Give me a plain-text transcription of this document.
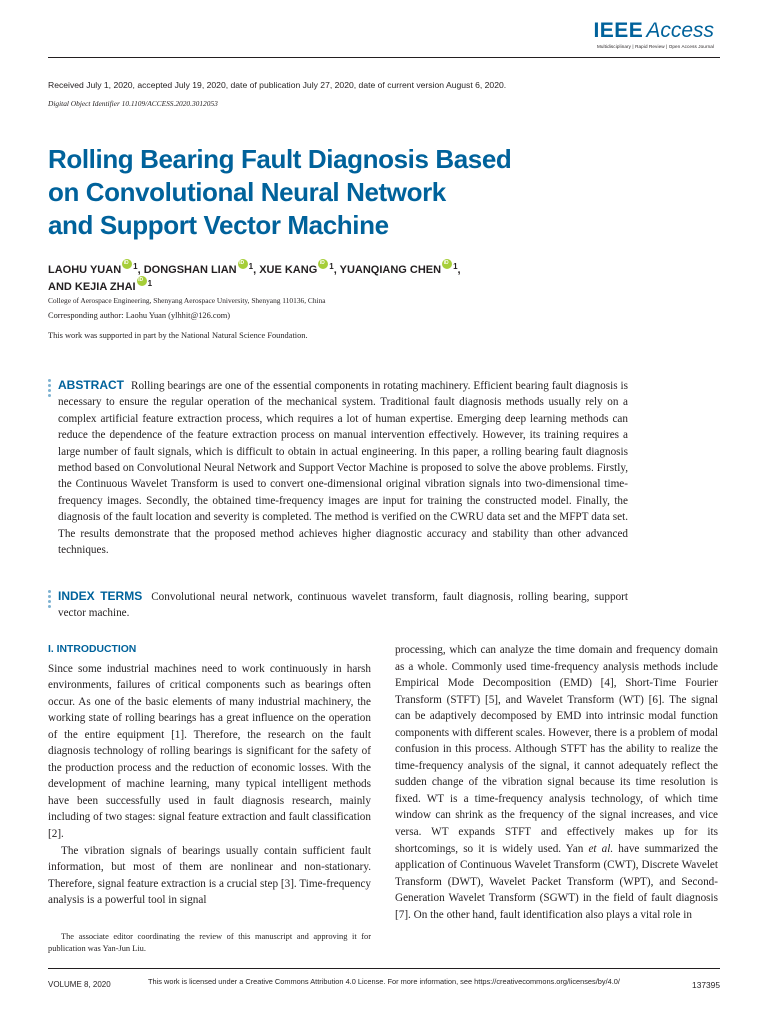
IEEE Access
Multidisciplinary | Rapid Review | Open Access Journal
Received July 1, 2020, accepted July 19, 2020, date of publication July 27, 2020, date of current version August 6, 2020.
Digital Object Identifier 10.1109/ACCESS.2020.3012053
Rolling Bearing Fault Diagnosis Based
on Convolutional Neural Network
and Support Vector Machine
LAOHU YUAN iD $^1$, DONGSHAN LIAN iD $^1$, XUE KANG iD $^1$, YUANQIANG CHEN iD $^1$,
AND KEJIA ZHAI iD $^1$
College of Aerospace Engineering, Shenyang Aerospace University, Shenyang 110136, China
Corresponding author: Laohu Yuan (ylhhit@126.com)
This work was supported in part by the National Natural Science Foundation.

ABSTRACT Rolling bearings are one of the essential components in rotating machinery. Efficient bearing fault diagnosis is necessary to ensure the regular operation of the mechanical system. Traditional fault diagnosis methods usually rely on a complex artificial feature extraction process, which requires a lot of human expertise. Emerging deep learning methods can reduce the dependence of the feature extraction process on manual intervention effectively. However, its training requires a large number of fault signals, which is difficult to obtain in actual engineering. In this paper, a rolling bearing fault diagnosis method based on Convolutional Neural Network and Support Vector Machine is proposed to solve the above problems. Firstly, the Continuous Wavelet Transform is used to convert one-dimensional original vibration signals into two-dimensional time-frequency images. Secondly, the obtained time-frequency images are input for training the constructed model. Finally, the diagnosis of the fault location and severity is completed. The method is verified on the CWRU data set and the MFPT data set. The results demonstrate that the proposed method achieves higher diagnostic accuracy and stability than other advanced techniques.

INDEX TERMS Convolutional neural network, continuous wavelet transform, fault diagnosis, rolling bearing, support vector machine.

I. INTRODUCTION

Since some industrial machines need to work continuously in harsh environments, failures of critical components such as bearings often occur. As one of the basic elements of many industrial machinery, the working state of rolling bearings has a great influence on the operation of the entire equipment [1]. Therefore, the research on the fault diagnosis technology of rolling bearings is significant for the safety of the production process and the reduction of economic losses. With the development of machine learning, many typical intelligent methods have been successfully used in fault diagnosis research, mainly including of two stages: signal feature extraction and fault classification [2].

The vibration signals of bearings usually contain sufficient fault information, but most of them are nonlinear and non-stationary. Therefore, signal feature extraction is a crucial step [3]. Time-frequency analysis is a powerful tool in signal

processing, which can analyze the time domain and frequency domain as a whole. Commonly used time-frequency analysis methods include Empirical Mode Decomposition (EMD) [4], Short-Time Fourier Transform (STFT) [5], and Wavelet Transform (WT) [6]. The signal can be adaptively decomposed by EMD into intrinsic modal function components with different scales. However, there is a problem of modal confusion in this process. Although STFT has the ability to realize the time-frequency analysis of the signal, it cannot adequately reflect the sudden change of the vibration signal because its time resolution is fixed. WT is a time-frequency analysis technology, of which time window can shrink as the frequency of the signal increases, and vice versa. WT expands STFT and effectively makes up for its shortcomings, so it is widely used. Yan et al. have summarized the application of Continuous Wavelet Transform (CWT), Discrete Wavelet Transform (DWT), Wavelet Packet Transform (WPT), and Second-Generation Wavelet Transform (SGWT) in the field of fault diagnosis [7]. On the other hand, fault identification also plays a vital role in

The associate editor coordinating the review of this manuscript and approving it for publication was Yan-Jun Liu.

VOLUME 8, 2020	This work is licensed under a Creative Commons Attribution 4.0 License. For more information, see https://creativecommons.org/licenses/by/4.0/	137395
